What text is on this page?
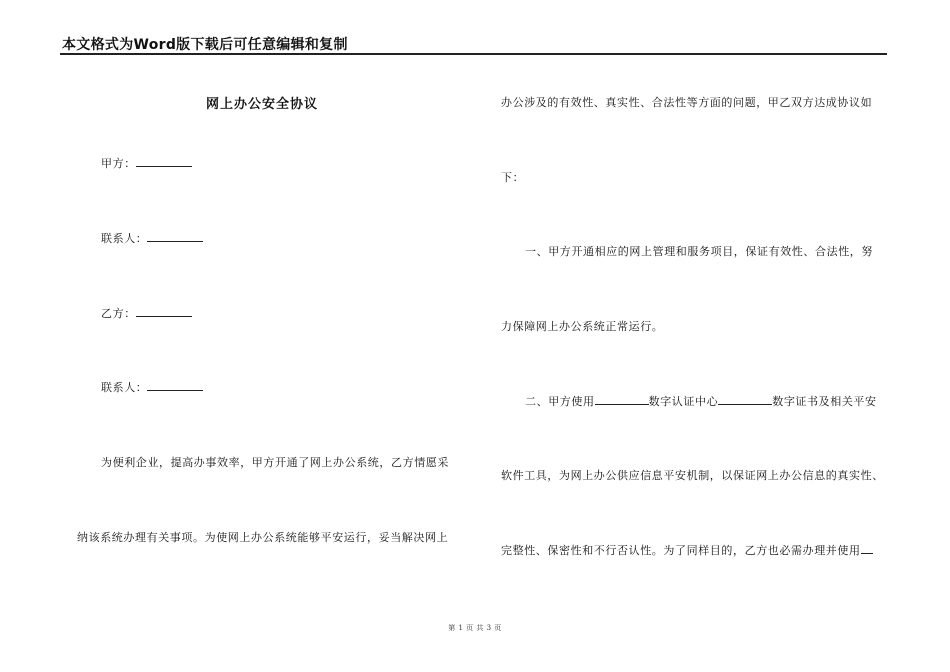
本文格式为Word版下载后可任意编辑和复制
网上办公安全协议
甲方：
联系人：
乙方：
联系人：
为便利企业，提高办事效率，甲方开通了网上办公系统，乙方情愿采
纳该系统办理有关事项。为使网上办公系统能够平安运行，妥当解决网上
办公涉及的有效性、真实性、合法性等方面的问题，甲乙双方达成协议如
下：
一、甲方开通相应的网上管理和服务项目，保证有效性、合法性，努
力保障网上办公系统正常运行。
二、甲方使用	数字认证中心	数字证书及相关平安
软件工具，为网上办公供应信息平安机制，以保证网上办公信息的真实性、
完整性、保密性和不行否认性。为了同样目的，乙方也必需办理并使用
第 1 页 共 3 页
